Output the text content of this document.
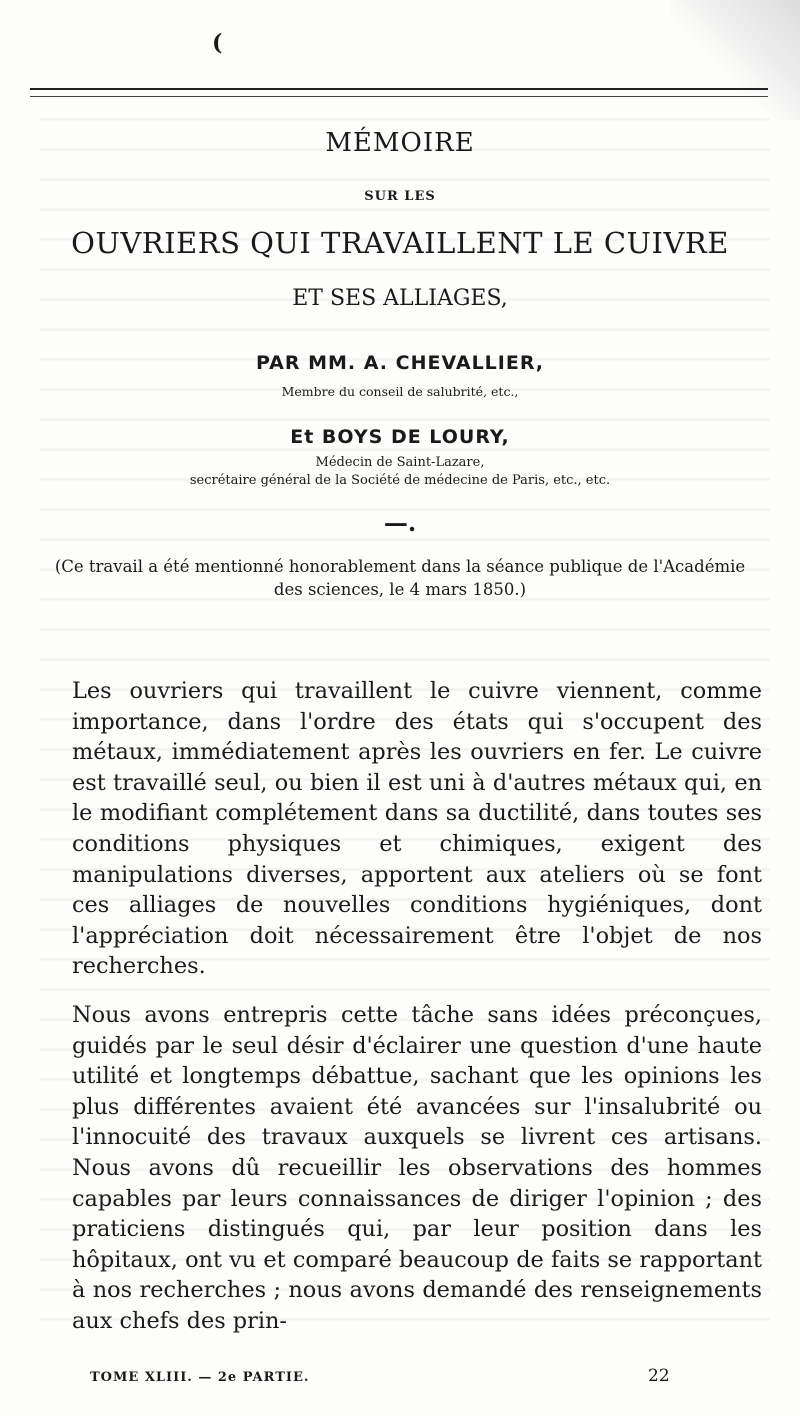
(
MÉMOIRE
SUR LES
OUVRIERS QUI TRAVAILLENT LE CUIVRE
ET SES ALLIAGES,
PAR MM. A. CHEVALLIER,
Membre du conseil de salubrité, etc.,
Et BOYS DE LOURY,
Médecin de Saint-Lazare,
secrétaire général de la Société de médecine de Paris, etc., etc.
—.
(Ce travail a été mentionné honorablement dans la séance publique de l'Académie
des sciences, le 4 mars 1850.)
Les ouvriers qui travaillent le cuivre viennent, comme importance, dans l'ordre des états qui s'occupent des métaux, immédiatement après les ouvriers en fer. Le cuivre est travaillé seul, ou bien il est uni à d'autres métaux qui, en le modifiant complétement dans sa ductilité, dans toutes ses conditions physiques et chimiques, exigent des manipulations diverses, apportent aux ateliers où se font ces alliages de nouvelles conditions hygiéniques, dont l'appréciation doit nécessairement être l'objet de nos recherches.
Nous avons entrepris cette tâche sans idées préconçues, guidés par le seul désir d'éclairer une question d'une haute utilité et longtemps débattue, sachant que les opinions les plus différentes avaient été avancées sur l'insalubrité ou l'innocuité des travaux auxquels se livrent ces artisans. Nous avons dû recueillir les observations des hommes capables par leurs connaissances de diriger l'opinion ; des praticiens distingués qui, par leur position dans les hôpitaux, ont vu et comparé beaucoup de faits se rapportant à nos recherches ; nous avons demandé des renseignements aux chefs des prin-
TOME XLIII. — 2e PARTIE.	22
